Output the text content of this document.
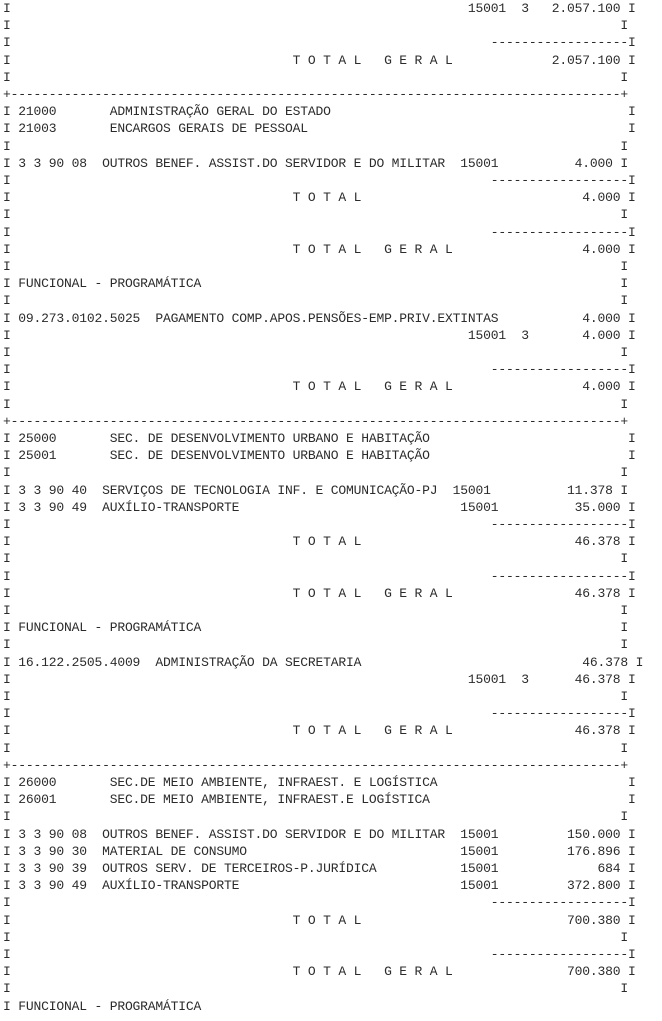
I                                                            15001  3   2.057.100 I
I                                                                                I
I                                                               ------------------I
I                                     T O T A L   G E R A L             2.057.100 I
I                                                                                I
+--------------------------------------------------------------------------------+
I 21000       ADMINISTRAÇÃO GERAL DO ESTADO                                       I
I 21003       ENCARGOS GERAIS DE PESSOAL                                          I
I                                                                                I
I 3 3 90 08  OUTROS BENEF. ASSIST.DO SERVIDOR E DO MILITAR  15001          4.000 I
I                                                               ------------------I
I                                     T O T A L                             4.000 I
I                                                                                I
I                                                               ------------------I
I                                     T O T A L   G E R A L                 4.000 I
I                                                                                I
I FUNCIONAL - PROGRAMÁTICA                                                       I
I                                                                                I
I 09.273.0102.5025  PAGAMENTO COMP.APOS.PENSÕES-EMP.PRIV.EXTINTAS           4.000 I
I                                                            15001  3       4.000 I
I                                                                                I
I                                                               ------------------I
I                                     T O T A L   G E R A L                 4.000 I
I                                                                                I
+--------------------------------------------------------------------------------+
I 25000       SEC. DE DESENVOLVIMENTO URBANO E HABITAÇÃO                          I
I 25001       SEC. DE DESENVOLVIMENTO URBANO E HABITAÇÃO                          I
I                                                                                I
I 3 3 90 40  SERVIÇOS DE TECNOLOGIA INF. E COMUNICAÇÃO-PJ  15001          11.378 I
I 3 3 90 49  AUXÍLIO-TRANSPORTE                             15001          35.000 I
I                                                               ------------------I
I                                     T O T A L                            46.378 I
I                                                                                I
I                                                               ------------------I
I                                     T O T A L   G E R A L                46.378 I
I                                                                                I
I FUNCIONAL - PROGRAMÁTICA                                                       I
I                                                                                I
I 16.122.2505.4009  ADMINISTRAÇÃO DA SECRETARIA                             46.378 I
I                                                            15001  3      46.378 I
I                                                                                I
I                                                               ------------------I
I                                     T O T A L   G E R A L                46.378 I
I                                                                                I
+--------------------------------------------------------------------------------+
I 26000       SEC.DE MEIO AMBIENTE, INFRAEST. E LOGÍSTICA                         I
I 26001       SEC.DE MEIO AMBIENTE, INFRAEST.E LOGÍSTICA                          I
I                                                                                I
I 3 3 90 08  OUTROS BENEF. ASSIST.DO SERVIDOR E DO MILITAR  15001         150.000 I
I 3 3 90 30  MATERIAL DE CONSUMO                            15001         176.896 I
I 3 3 90 39  OUTROS SERV. DE TERCEIROS-P.JURÍDICA           15001             684 I
I 3 3 90 49  AUXÍLIO-TRANSPORTE                             15001         372.800 I
I                                                               ------------------I
I                                     T O T A L                           700.380 I
I                                                                                I
I                                                               ------------------I
I                                     T O T A L   G E R A L               700.380 I
I                                                                                I
I FUNCIONAL - PROGRAMÁTICA
